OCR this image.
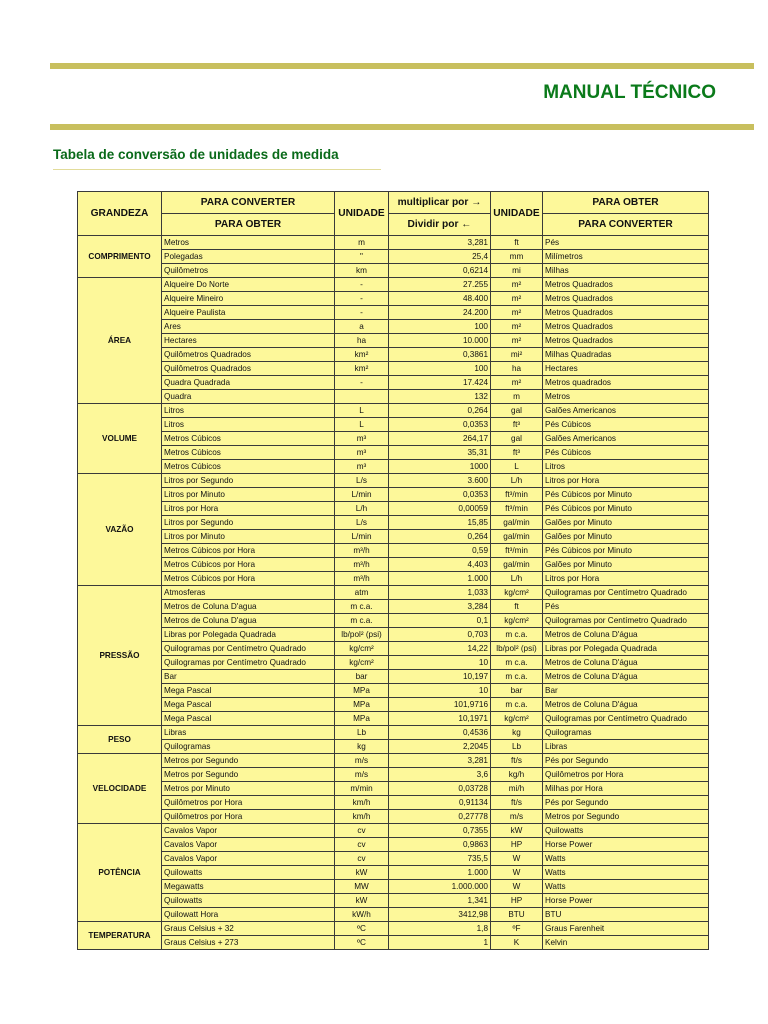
MANUAL TÉCNICO
Tabela de conversão de unidades de medida
GRANDEZA	PARA CONVERTER	UNIDADE	multiplicar por →	UNIDADE	PARA OBTER
	PARA OBTER		Dividir por ←		PARA CONVERTER
COMPRIMENTO	Metros	m	3,281	ft	Pés
	Polegadas	"	25,4	mm	Milímetros
	Quilômetros	km	0,6214	mi	Milhas
ÁREA	Alqueire Do Norte	-	27.255	m²	Metros Quadrados
	Alqueire Mineiro	-	48.400	m²	Metros Quadrados
	Alqueire Paulista	-	24.200	m²	Metros Quadrados
	Ares	a	100	m²	Metros Quadrados
	Hectares	ha	10.000	m²	Metros Quadrados
	Quilômetros Quadrados	km²	0,3861	mi²	Milhas Quadradas
	Quilômetros Quadrados	km²	100	ha	Hectares
	Quadra Quadrada	-	17.424	m²	Metros quadrados
	Quadra		132	m	Metros
VOLUME	Litros	L	0,264	gal	Galões Americanos
	Litros	L	0,0353	ft³	Pés Cúbicos
	Metros Cúbicos	m³	264,17	gal	Galões Americanos
	Metros Cúbicos	m³	35,31	ft³	Pés Cúbicos
	Metros Cúbicos	m³	1000	L	Litros
VAZÃO	Litros por Segundo	L/s	3.600	L/h	Litros por Hora
	Litros por Minuto	L/min	0,0353	ft³/min	Pés Cúbicos por Minuto
	Litros por Hora	L/h	0,00059	ft³/min	Pés Cúbicos por Minuto
	Litros por Segundo	L/s	15,85	gal/min	Galões por Minuto
	Litros por Minuto	L/min	0,264	gal/min	Galões por Minuto
	Metros Cúbicos por Hora	m³/h	0,59	ft³/min	Pés Cúbicos por Minuto
	Metros Cúbicos por Hora	m³/h	4,403	gal/min	Galões por Minuto
	Metros Cúbicos por Hora	m³/h	1.000	L/h	Litros por Hora
PRESSÃO	Atmosferas	atm	1,033	kg/cm²	Quilogramas por Centímetro Quadrado
	Metros de Coluna D'agua	m c.a.	3,284	ft	Pés
	Metros de Coluna D'agua	m c.a.	0,1	kg/cm²	Quilogramas por Centímetro Quadrado
	Libras por Polegada Quadrada	lb/pol² (psi)	0,703	m c.a.	Metros de Coluna D'água
	Quilogramas por Centímetro Quadrado	kg/cm²	14,22	lb/pol² (psi)	Libras por Polegada Quadrada
	Quilogramas por Centímetro Quadrado	kg/cm²	10	m c.a.	Metros de Coluna D'água
	Bar	bar	10,197	m c.a.	Metros de Coluna D'água
	Mega Pascal	MPa	10	bar	Bar
	Mega Pascal	MPa	101,9716	m c.a.	Metros de Coluna D'água
	Mega Pascal	MPa	10,1971	kg/cm²	Quilogramas por Centímetro Quadrado
PESO	Libras	Lb	0,4536	kg	Quilogramas
	Quilogramas	kg	2,2045	Lb	Libras
VELOCIDADE	Metros por Segundo	m/s	3,281	ft/s	Pés por Segundo
	Metros por Segundo	m/s	3,6	kg/h	Quilômetros por Hora
	Metros por Minuto	m/min	0,03728	mi/h	Milhas por Hora
	Quilômetros por Hora	km/h	0,91134	ft/s	Pés por Segundo
	Quilômetros por Hora	km/h	0,27778	m/s	Metros por Segundo
POTÊNCIA	Cavalos Vapor	cv	0,7355	kW	Quilowatts
	Cavalos Vapor	cv	0,9863	HP	Horse Power
	Cavalos Vapor	cv	735,5	W	Watts
	Quilowatts	kW	1.000	W	Watts
	Megawatts	MW	1.000.000	W	Watts
	Quilowatts	kW	1,341	HP	Horse Power
	Quilowatt Hora	kW/h	3412,98	BTU	BTU
TEMPERATURA	Graus Celsius + 32	ºC	1,8	ºF	Graus Farenheit
	Graus Celsius + 273	ºC	1	K	Kelvin
